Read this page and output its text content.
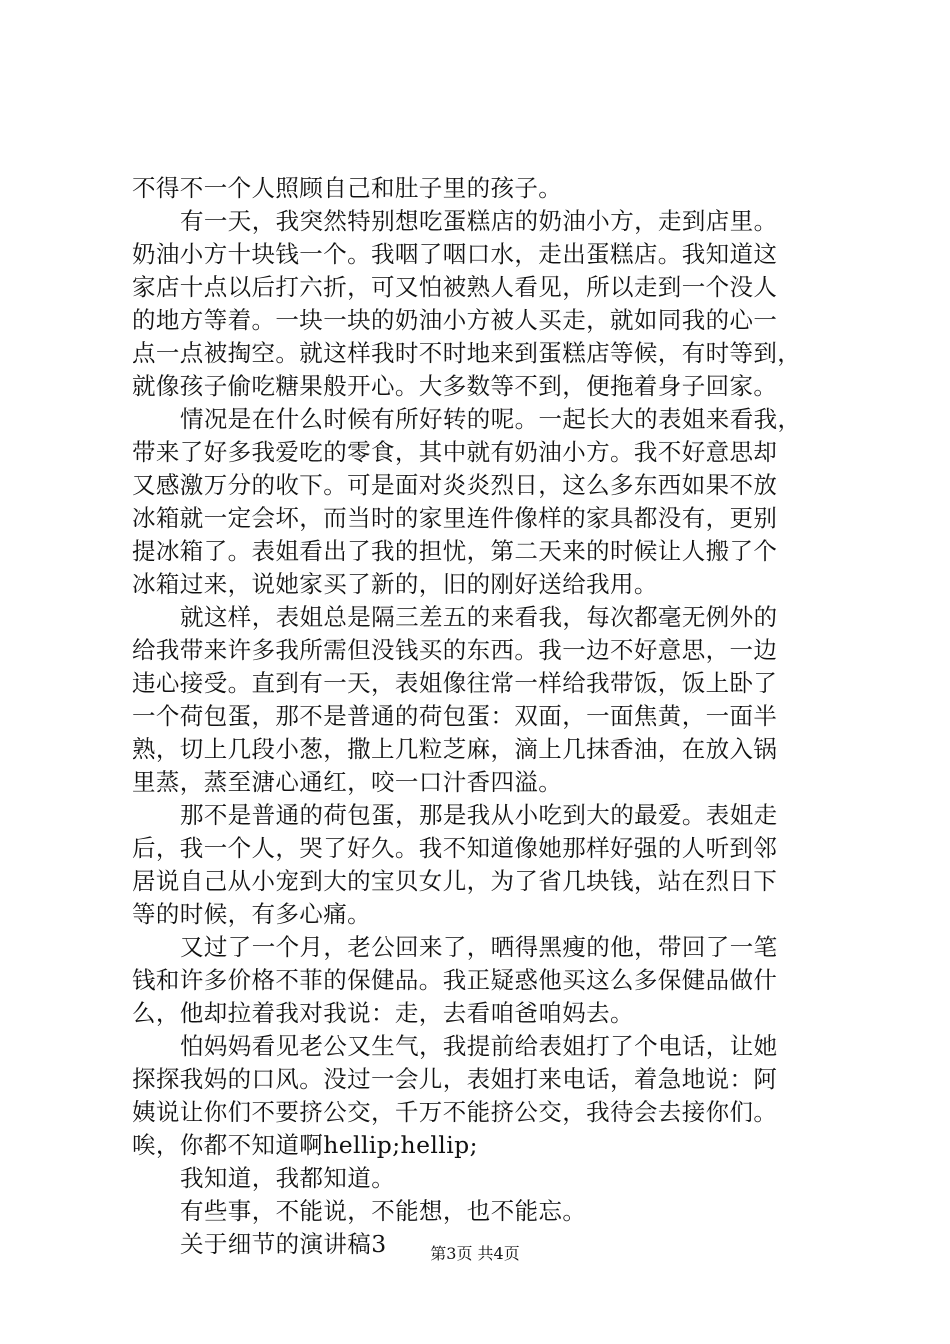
不得不一个人照顾自己和肚子里的孩子。
有一天，我突然特别想吃蛋糕店的奶油小方，走到店里。
奶油小方十块钱一个。我咽了咽口水，走出蛋糕店。我知道这
家店十点以后打六折，可又怕被熟人看见，所以走到一个没人
的地方等着。一块一块的奶油小方被人买走，就如同我的心一
点一点被掏空。就这样我时不时地来到蛋糕店等候，有时等到，
就像孩子偷吃糖果般开心。大多数等不到，便拖着身子回家。
情况是在什么时候有所好转的呢。一起长大的表姐来看我，
带来了好多我爱吃的零食，其中就有奶油小方。我不好意思却
又感激万分的收下。可是面对炎炎烈日，这么多东西如果不放
冰箱就一定会坏，而当时的家里连件像样的家具都没有，更别
提冰箱了。表姐看出了我的担忧，第二天来的时候让人搬了个
冰箱过来，说她家买了新的，旧的刚好送给我用。
就这样，表姐总是隔三差五的来看我，每次都毫无例外的
给我带来许多我所需但没钱买的东西。我一边不好意思，一边
违心接受。直到有一天，表姐像往常一样给我带饭，饭上卧了
一个荷包蛋，那不是普通的荷包蛋：双面，一面焦黄，一面半
熟，切上几段小葱，撒上几粒芝麻，滴上几抹香油，在放入锅
里蒸，蒸至溏心通红，咬一口汁香四溢。
那不是普通的荷包蛋，那是我从小吃到大的最爱。表姐走
后，我一个人，哭了好久。我不知道像她那样好强的人听到邻
居说自己从小宠到大的宝贝女儿，为了省几块钱，站在烈日下
等的时候，有多心痛。
又过了一个月，老公回来了，晒得黑瘦的他，带回了一笔
钱和许多价格不菲的保健品。我正疑惑他买这么多保健品做什
么，他却拉着我对我说：走，去看咱爸咱妈去。
怕妈妈看见老公又生气，我提前给表姐打了个电话，让她
探探我妈的口风。没过一会儿，表姐打来电话，着急地说：阿
姨说让你们不要挤公交，千万不能挤公交，我待会去接你们。
唉，你都不知道啊hellip;hellip;
我知道，我都知道。
有些事，不能说，不能想，也不能忘。
关于细节的演讲稿3	第3页 共4页
